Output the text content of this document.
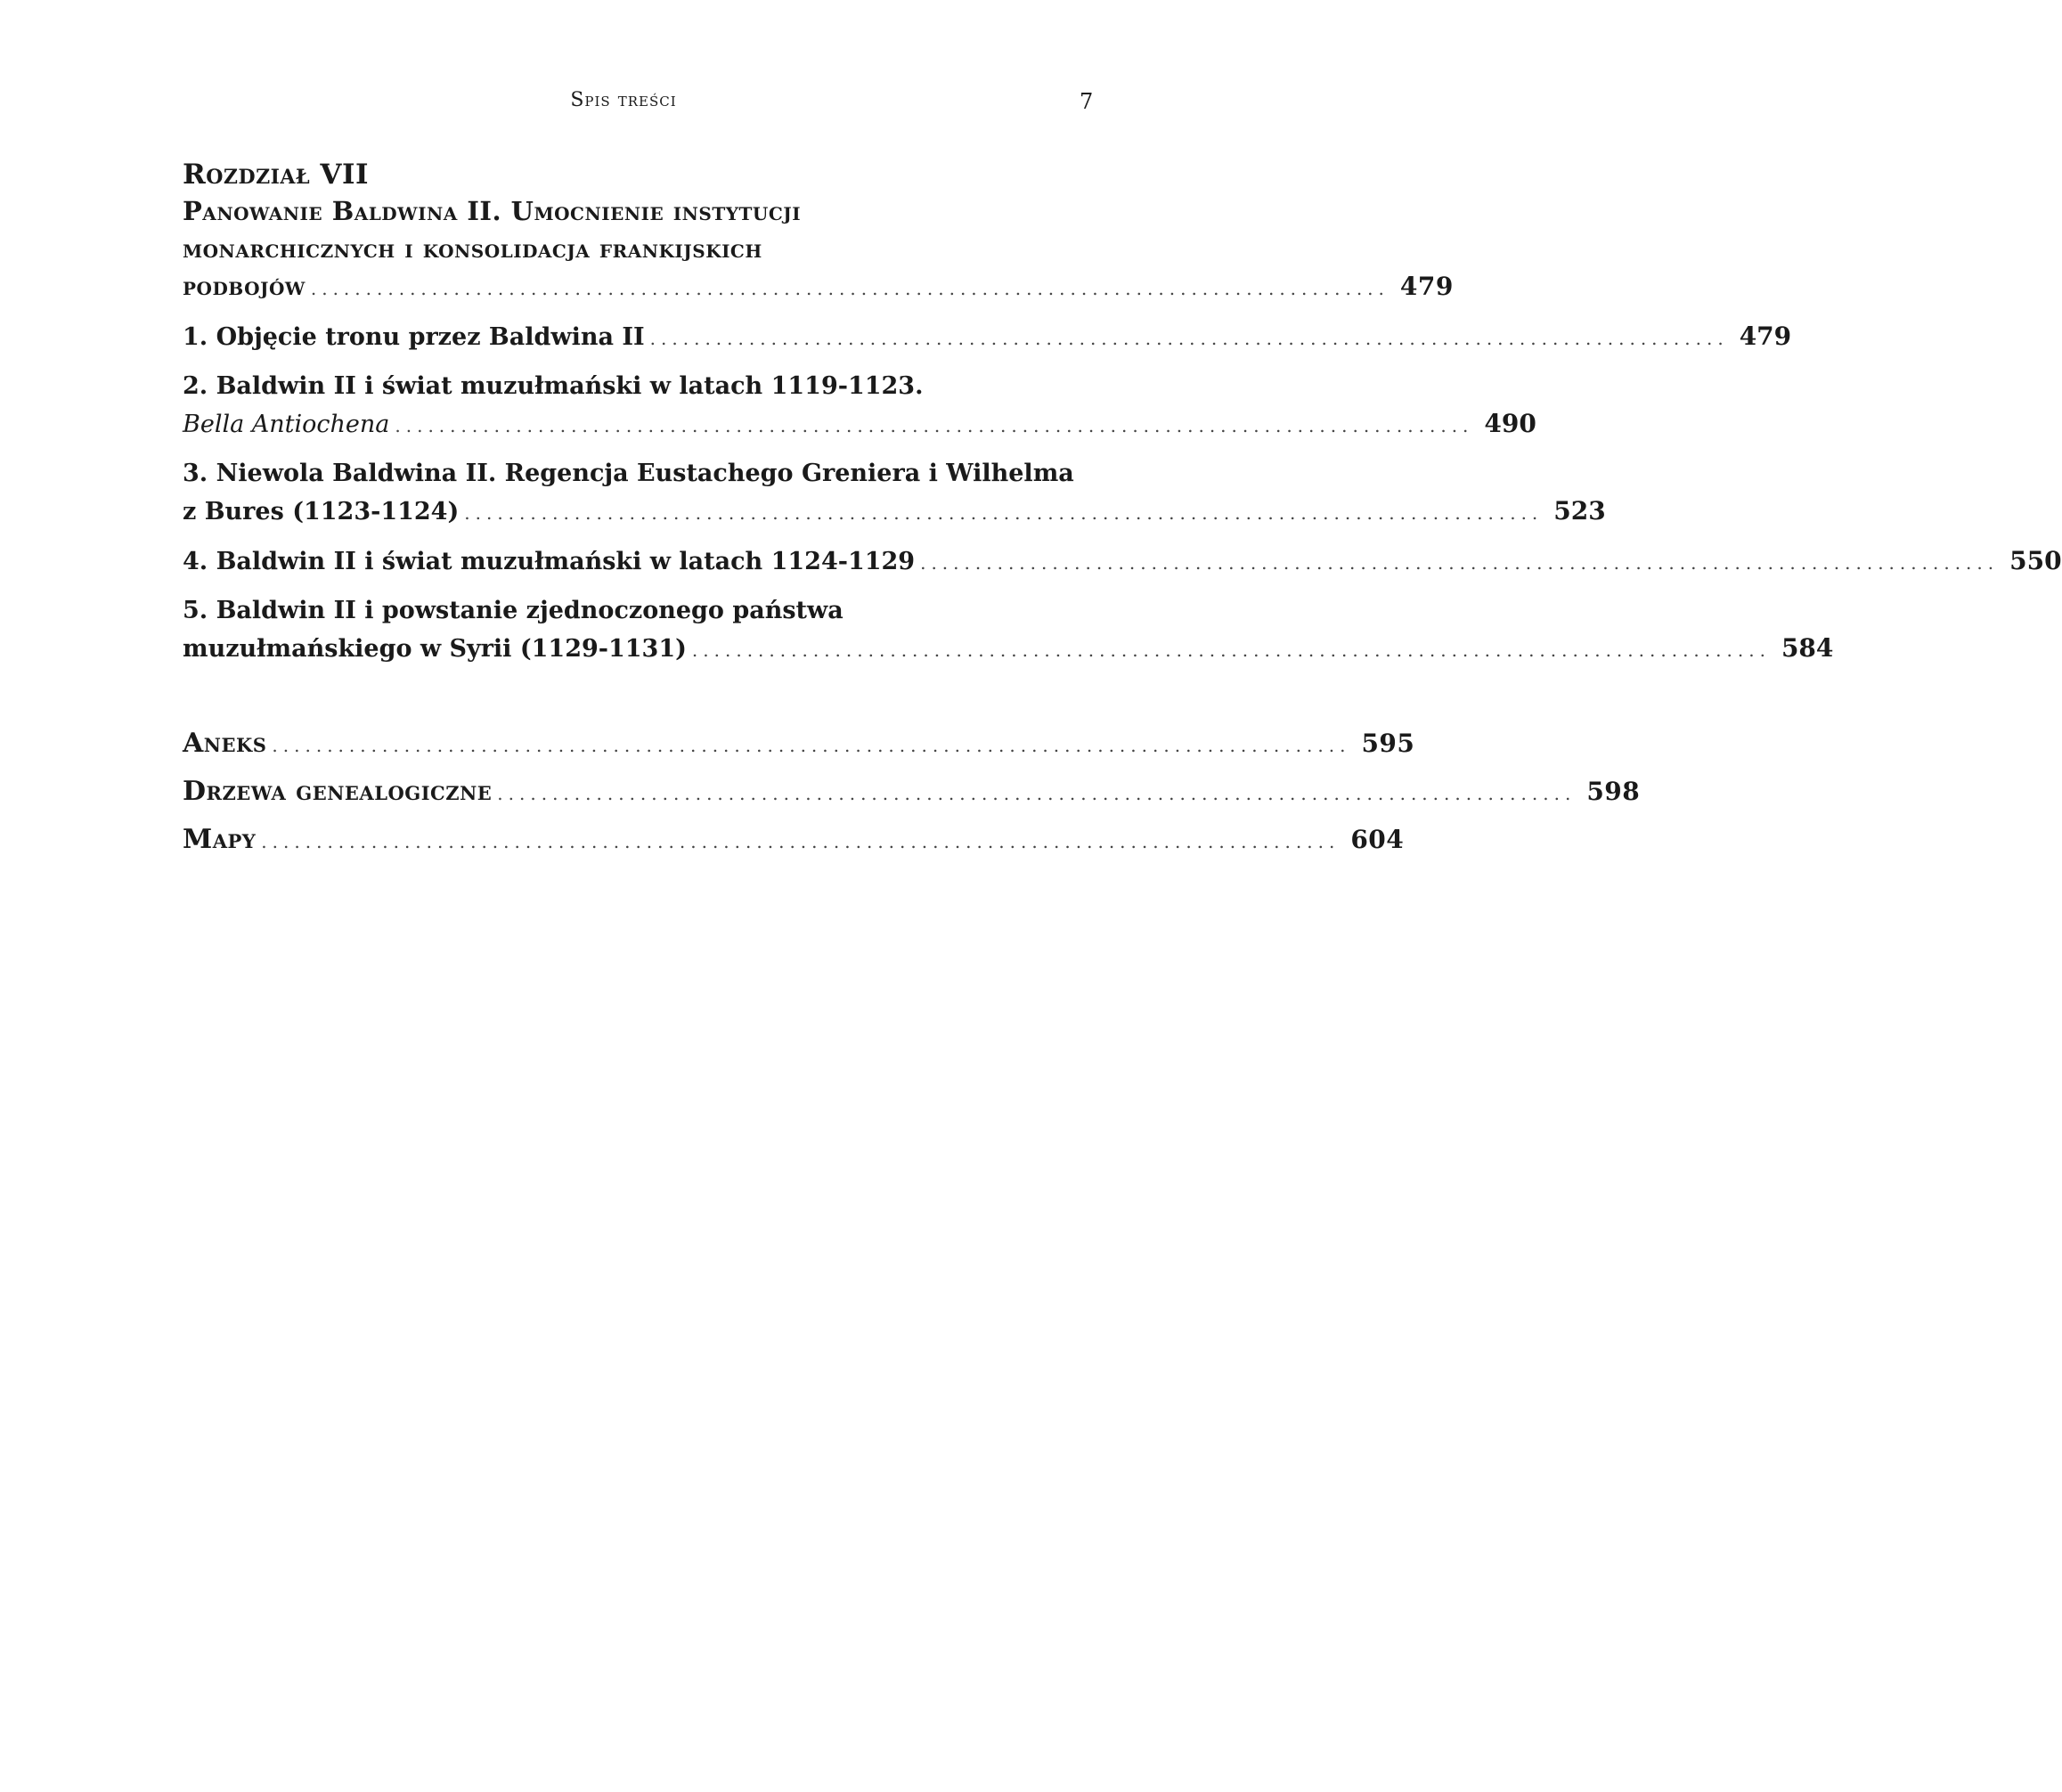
Spis treści	7
Rozdział VII
Panowanie Baldwina II. Umocnienie instytucji
monarchicznych i konsolidacja frankijskich
podbojów .................................................................................................. 479
1. Objęcie tronu przez Baldwina II .................................................................................................. 479
2. Baldwin II i świat muzułmański w latach 1119-1123.
Bella Antiochena .................................................................................................. 490
3. Niewola Baldwina II. Regencja Eustachego Greniera i Wilhelma
z Bures (1123-1124) .................................................................................................. 523
4. Baldwin II i świat muzułmański w latach 1124-1129 .................................................................................................. 550
5. Baldwin II i powstanie zjednoczonego państwa
muzułmańskiego w Syrii (1129-1131) .................................................................................................. 584
Aneks .................................................................................................. 595
Drzewa genealogiczne .................................................................................................. 598
Mapy .................................................................................................. 604
